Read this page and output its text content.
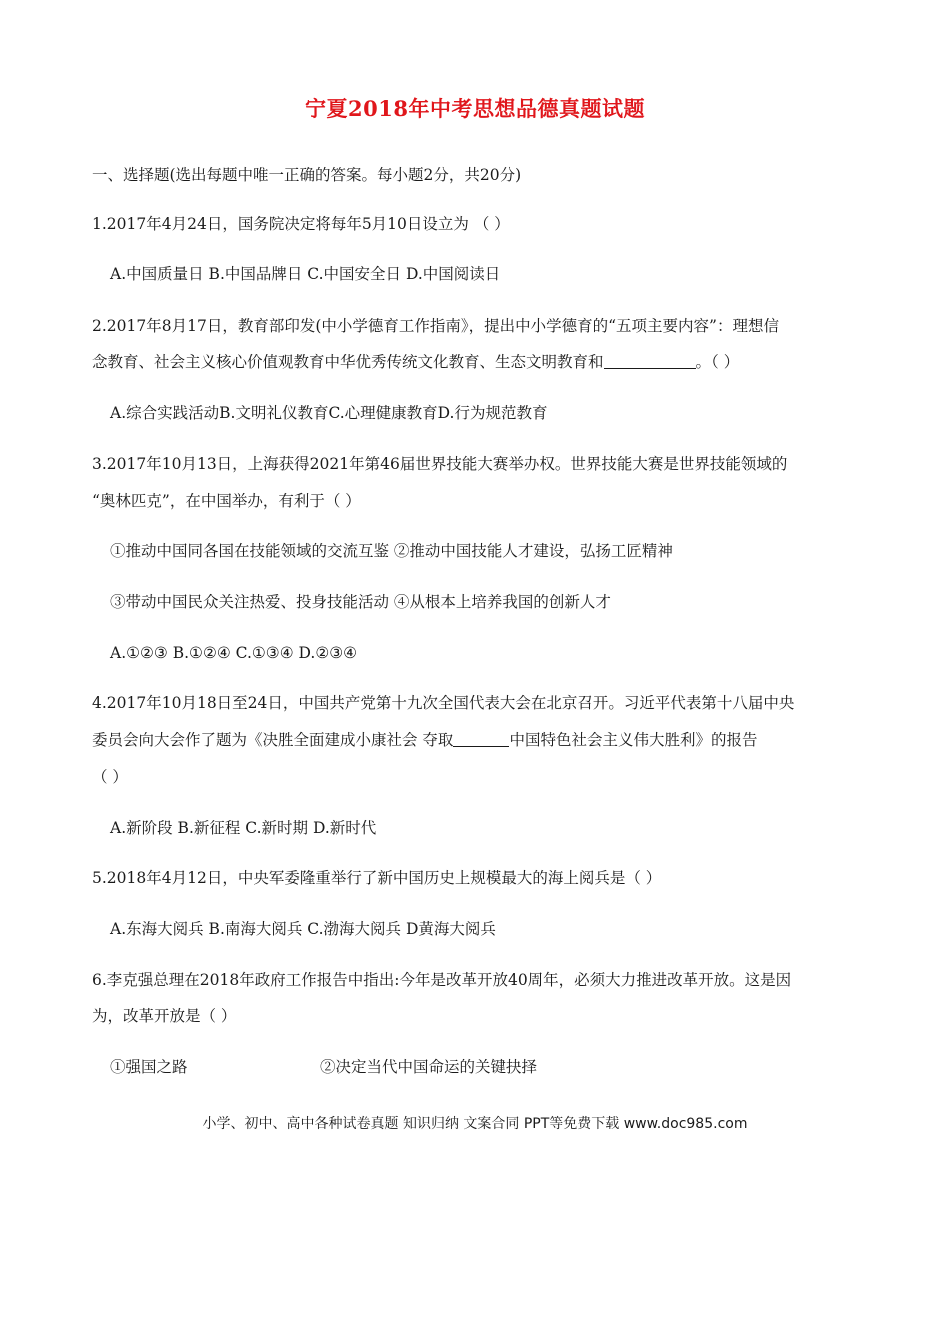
宁夏2018年中考思想品德真题试题
一、选择题(选出每题中唯一正确的答案。每小题2分，共20分)
1.2017年4月24日，国务院决定将每年5月10日设立为 （ ）
A.中国质量日 B.中国品牌日 C.中国安全日 D.中国阅读日
2.2017年8月17日，教育部印发(中小学德育工作指南》，提出中小学德育的“五项主要内容”：理想信
念教育、社会主义核心价值观教育中华优秀传统文化教育、生态文明教育和	。（ ）
A.综合实践活动B.文明礼仪教育C.心理健康教育D.行为规范教育
3.2017年10月13日，上海获得2021年第46届世界技能大赛举办权。世界技能大赛是世界技能领域的
“奥林匹克”，在中国举办，有利于（ ）
①推动中国同各国在技能领域的交流互鉴 ②推动中国技能人才建设，弘扬工匠精神
③带动中国民众关注热爱、投身技能活动 ④从根本上培养我国的创新人才
A.①②③ B.①②④ C.①③④ D.②③④
4.2017年10月18日至24日，中国共产党第十九次全国代表大会在北京召开。习近平代表第十八届中央
委员会向大会作了题为《决胜全面建成小康社会 夺取	中国特色社会主义伟大胜利》的报告
（ ）
A.新阶段 B.新征程 C.新时期 D.新时代
5.2018年4月12日，中央军委隆重举行了新中国历史上规模最大的海上阅兵是（ ）
A.东海大阅兵 B.南海大阅兵 C.渤海大阅兵 D黄海大阅兵
6.李克强总理在2018年政府工作报告中指出:今年是改革开放40周年，必须大力推进改革开放。这是因
为，改革开放是（ ）
①强国之路	②决定当代中国命运的关键抉择
小学、初中、高中各种试卷真题 知识归纳 文案合同 PPT等免费下载 www.doc985.com
